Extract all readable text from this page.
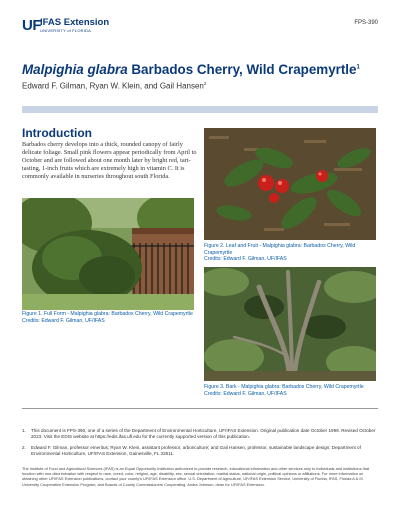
UF IFAS Extension
UNIVERSITY of FLORIDA
FPS-390
Malpighia glabra Barbados Cherry, Wild Crapemyrtle$^1$
Edward F. Gilman, Ryan W. Klein, and Gail Hansen$^2$
Introduction
Barbados cherry develops into a thick, rounded canopy of fairly delicate foliage. Small pink flowers appear periodically from April to October and are followed about one month later by bright red, tart-tasting, 1-inch fruits which are extremely high in vitamin C. It is commonly available in nurseries throughout south Florida.
Figure 1. Full Form - Malpighia glabra: Barbados Cherry, Wild Crapemyrtle
Credits: Edward F. Gilman, UF/IFAS
Figure 2. Leaf and Fruit - Malpighia glabra: Barbados Cherry, Wild Crapemyrtle
Credits: Edward F. Gilman, UF/IFAS
Figure 3. Bark - Malpighia glabra: Barbados Cherry, Wild Crapemyrtle
Credits: Edward F. Gilman, UF/IFAS
1. This document is FPS-390, one of a series of the Department of Environmental Horticulture, UF/IFAS Extension. Original publication date October 1999. Revised October 2023. Visit the EDIS website at https://edis.ifas.ufl.edu for the currently supported version of this publication.
2. Edward F. Gilman, professor emeritus; Ryan W. Klein, assistant professor, arboriculture; and Gail Hansen, professor, sustainable landscape design; Department of Environmental Horticulture, UF/IFAS Extension, Gainesville, FL 32611.
The Institute of Food and Agricultural Sciences (IFAS) is an Equal Opportunity Institution authorized to provide research, educational information and other services only to individuals and institutions that function with non-discrimination with respect to race, creed, color, religion, age, disability, sex, sexual orientation, marital status, national origin, political opinions or affiliations. For more information on obtaining other UF/IFAS Extension publications, contact your county's UF/IFAS Extension office. U.S. Department of Agriculture, UF/IFAS Extension Service, University of Florida, IFAS, Florida A & M University Cooperative Extension Program, and Boards of County Commissioners Cooperating. Andra Johnson, dean for UF/IFAS Extension.
